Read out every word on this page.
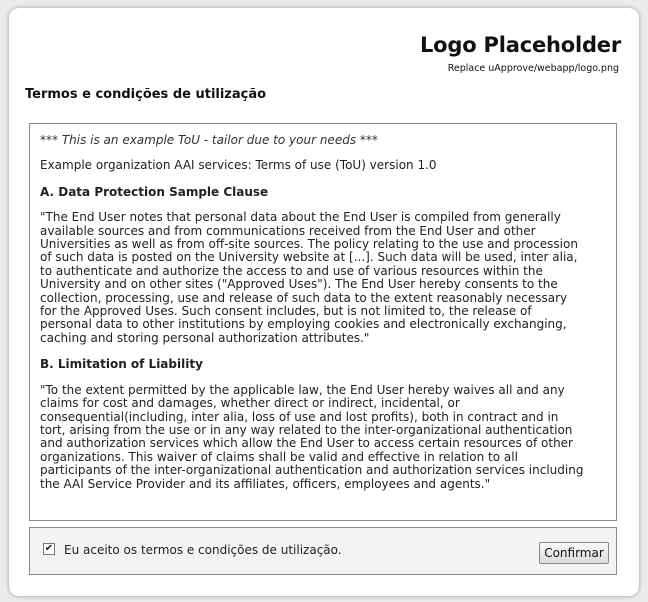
Logo Placeholder
Replace uApprove/webapp/logo.png
Termos e condições de utilização

*** This is an example ToU - tailor due to your needs ***

Example organization AAI services: Terms of use (ToU) version 1.0

A. Data Protection Sample Clause

"The End User notes that personal data about the End User is compiled from generally
available sources and from communications received from the End User and other
Universities as well as from off-site sources. The policy relating to the use and procession
of such data is posted on the University website at [...]. Such data will be used, inter alia,
to authenticate and authorize the access to and use of various resources within the
University and on other sites ("Approved Uses"). The End User hereby consents to the
collection, processing, use and release of such data to the extent reasonably necessary
for the Approved Uses. Such consent includes, but is not limited to, the release of
personal data to other institutions by employing cookies and electronically exchanging,
caching and storing personal authorization attributes."

B. Limitation of Liability

"To the extent permitted by the applicable law, the End User hereby waives all and any
claims for cost and damages, whether direct or indirect, incidental, or
consequential(including, inter alia, loss of use and lost profits), both in contract and in
tort, arising from the use or in any way related to the inter-organizational authentication
and authorization services which allow the End User to access certain resources of other
organizations. This waiver of claims shall be valid and effective in relation to all
participants of the inter-organizational authentication and authorization services including
the AAI Service Provider and its affiliates, officers, employees and agents."

✔ Eu aceito os termos e condições de utilização.	Confirmar
